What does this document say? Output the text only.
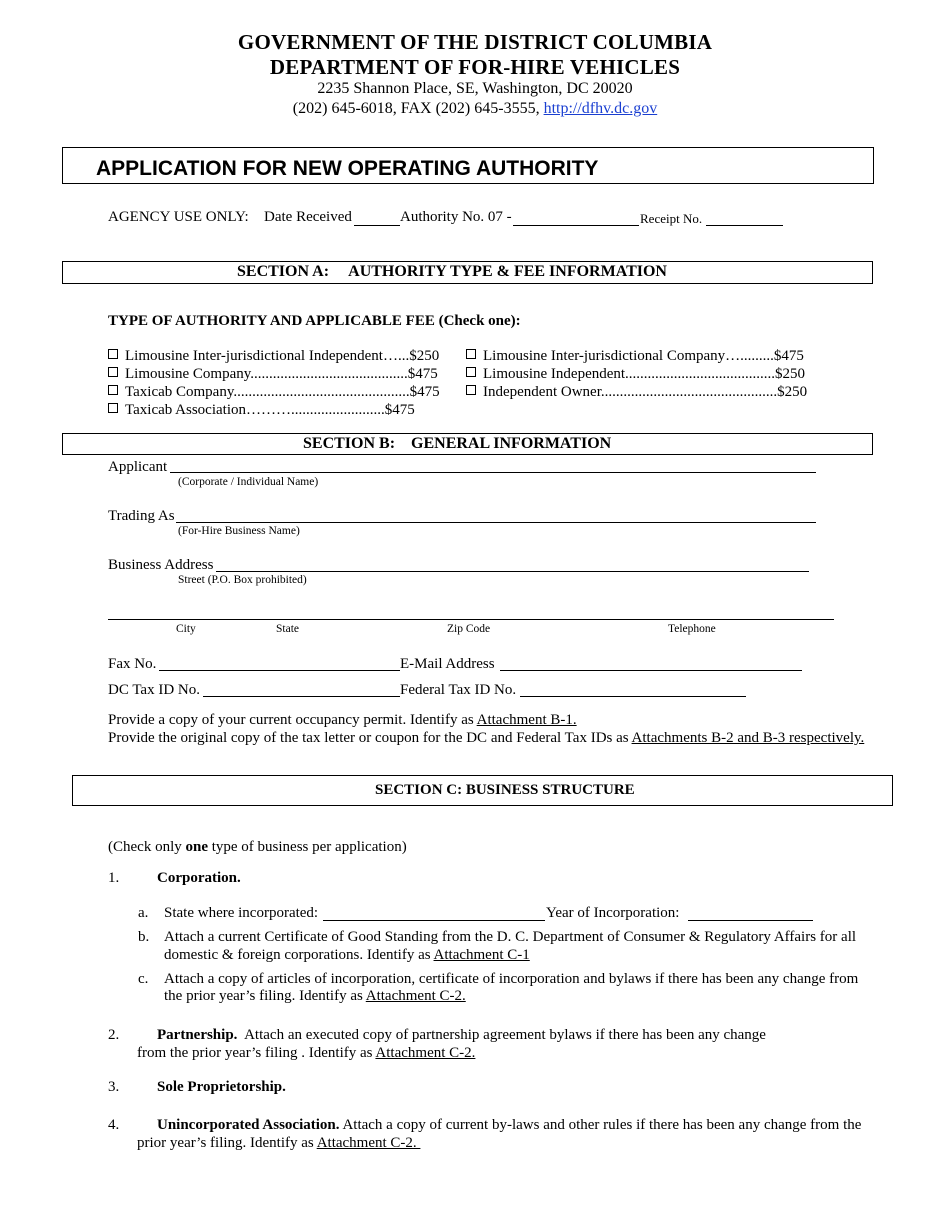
GOVERNMENT OF THE DISTRICT COLUMBIA
DEPARTMENT OF FOR-HIRE VEHICLES
2235 Shannon Place, SE, Washington, DC 20020
(202) 645-6018, FAX (202) 645-3555, http://dfhv.dc.gov
APPLICATION FOR NEW OPERATING AUTHORITY
AGENCY USE ONLY: Date Received	Authority No. 07 -	Receipt No.
SECTION A:     AUTHORITY TYPE & FEE INFORMATION
TYPE OF AUTHORITY AND APPLICABLE FEE (Check one):
Limousine Inter-jurisdictional Independent…...$250
Limousine Company..........................................$475
Taxicab Company...............................................$475
Taxicab Association……….........................$475
Limousine Inter-jurisdictional Company….........$475
Limousine Independent........................................$250
Independent Owner...............................................$250
SECTION B:    GENERAL INFORMATION
Applicant
(Corporate / Individual Name)
Trading As
(For-Hire Business Name)
Business Address
Street (P.O. Box prohibited)
City	State	Zip Code	Telephone
Fax No.	E-Mail Address
DC Tax ID No.	Federal Tax ID No.
Provide a copy of your current occupancy permit. Identify as Attachment B-1.
Provide the original copy of the tax letter or coupon for the DC and Federal Tax IDs as Attachments B-2 and B-3 respectively.
SECTION C: BUSINESS STRUCTURE
(Check only one type of business per application)
1.	Corporation.
a. State where incorporated:	Year of Incorporation:
b. Attach a current Certificate of Good Standing from the D. C. Department of Consumer & Regulatory Affairs for all
domestic & foreign corporations. Identify as Attachment C-1
c. Attach a copy of articles of incorporation, certificate of incorporation and bylaws if there has been any change from
the prior year’s filing. Identify as Attachment C-2.
2.	Partnership.  Attach an executed copy of partnership agreement bylaws if there has been any change
from the prior year’s filing . Identify as Attachment C-2.
3.	Sole Proprietorship.
4.	Unincorporated Association. Attach a copy of current by-laws and other rules if there has been any change from the
prior year’s filing. Identify as Attachment C-2.
